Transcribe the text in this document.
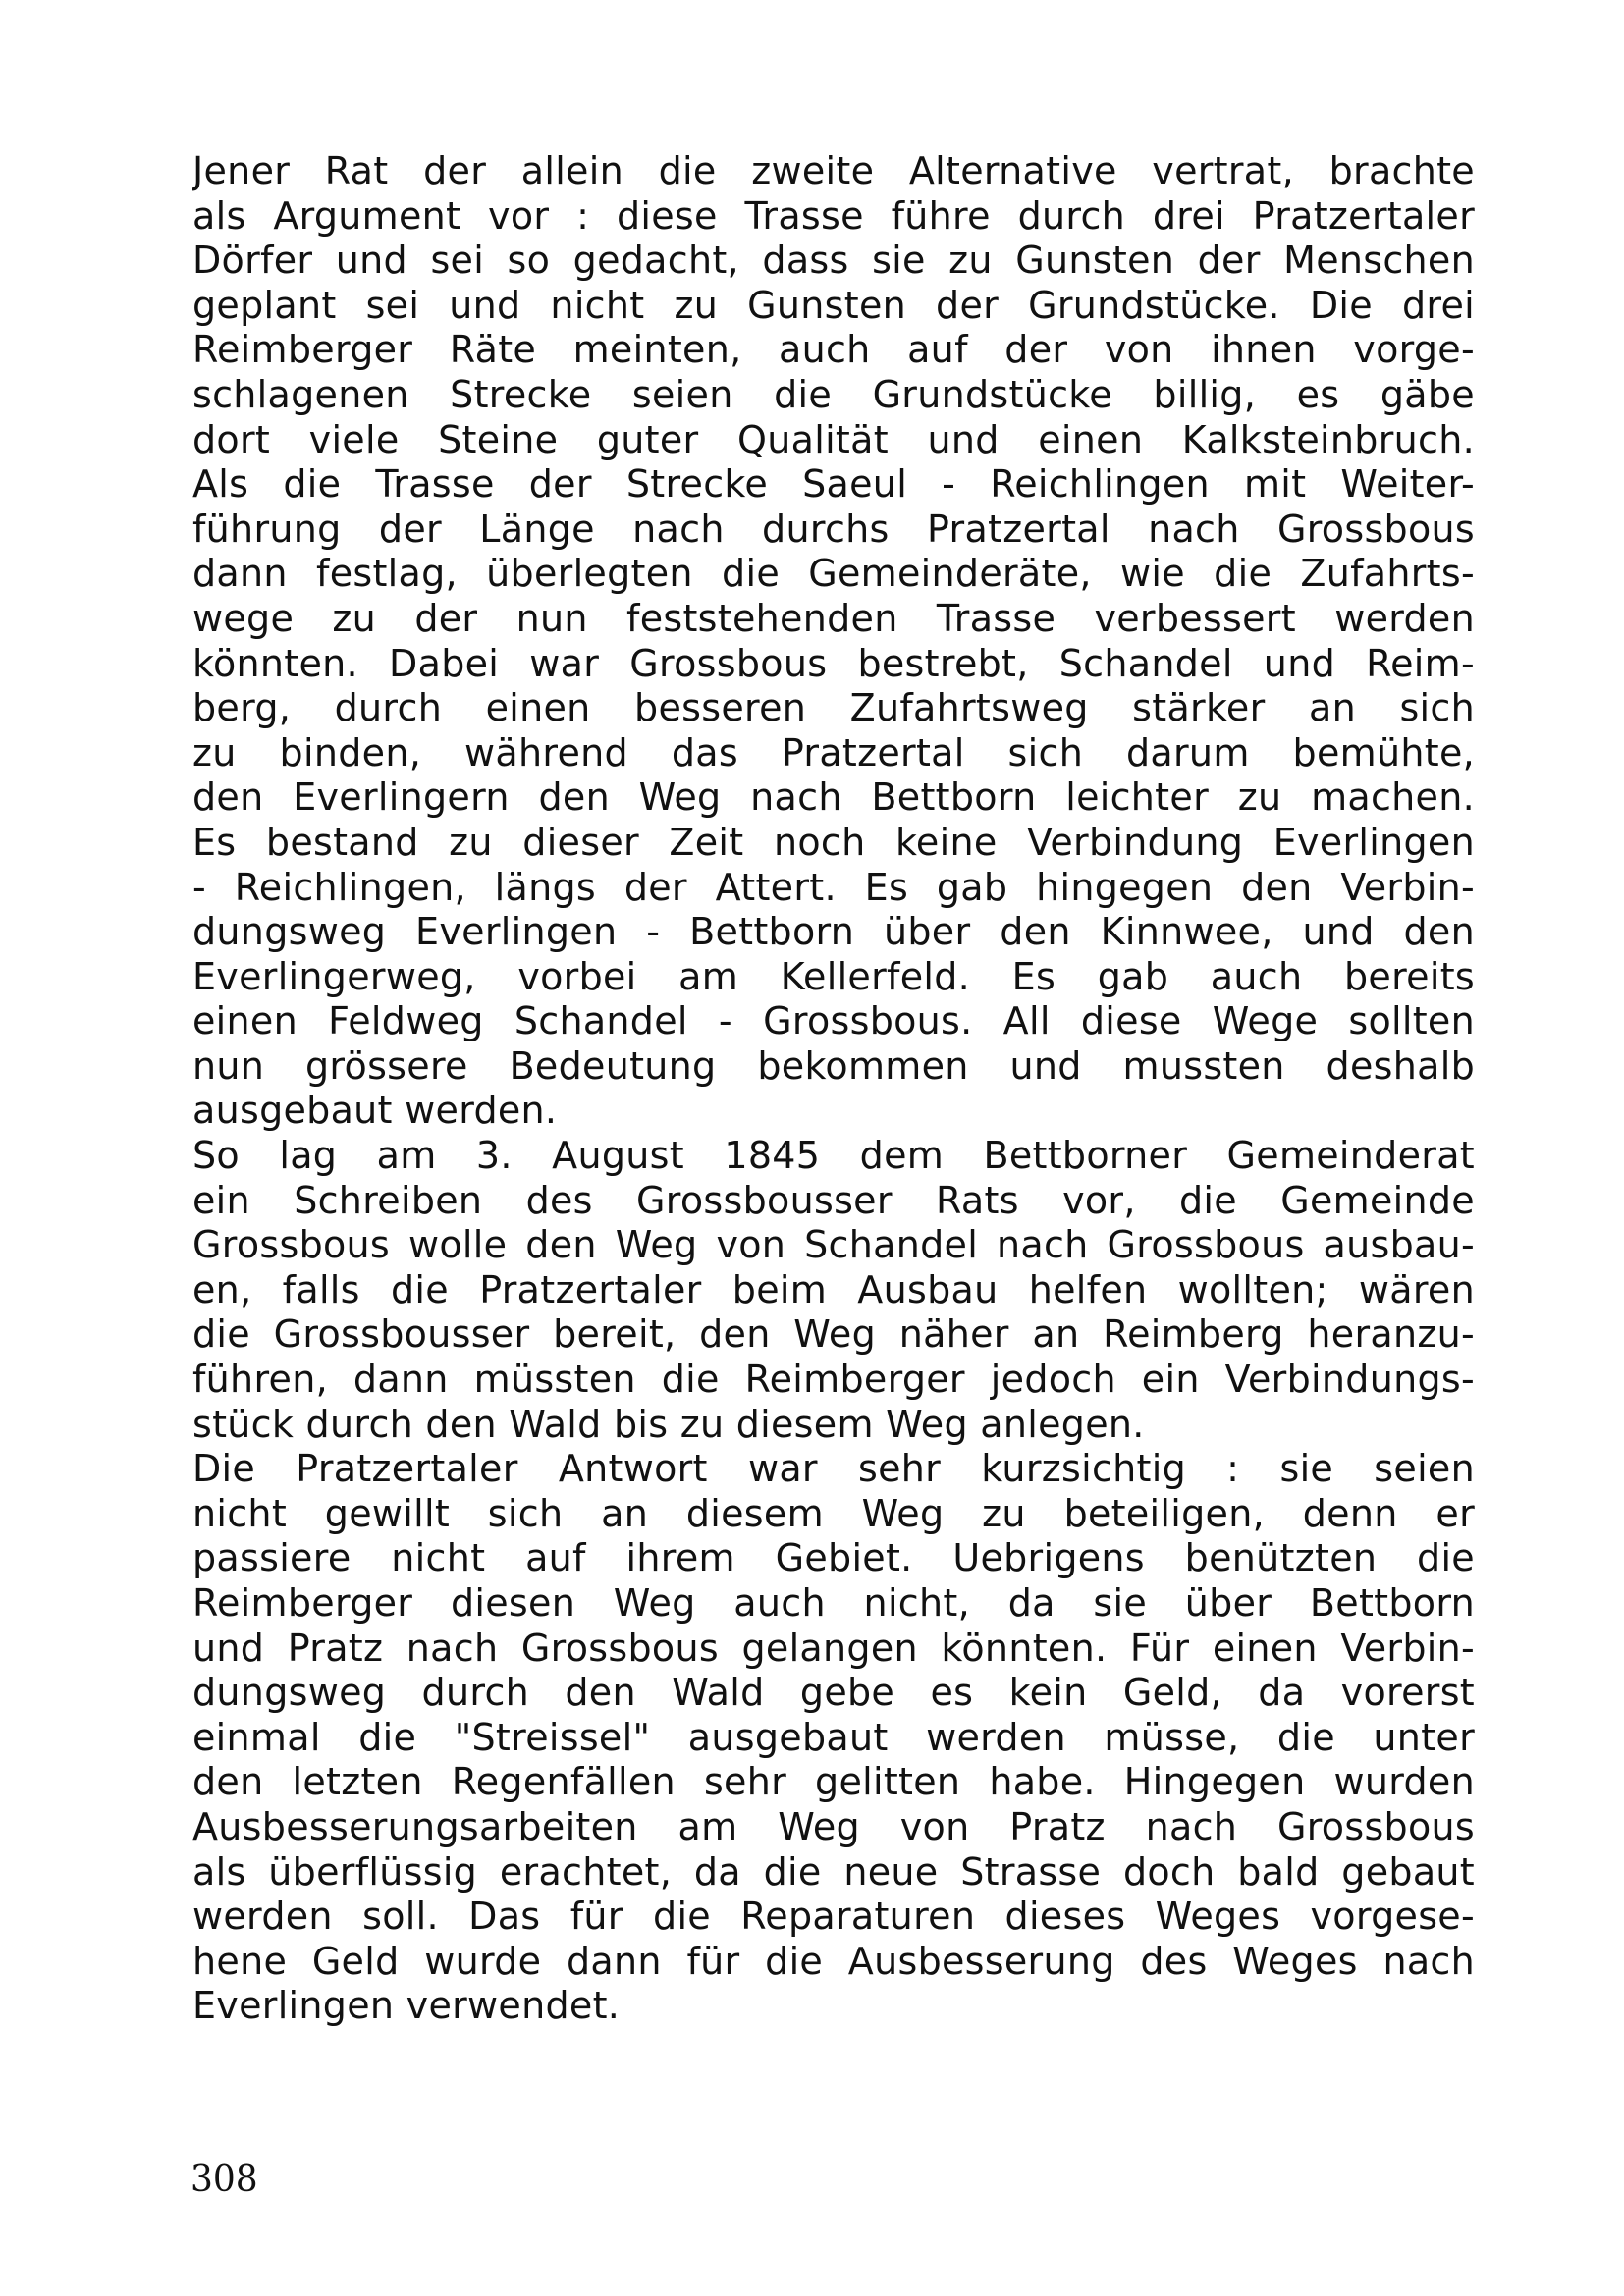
Jener Rat der allein die zweite Alternative vertrat, brachte
als Argument vor : diese Trasse führe durch drei Pratzertaler
Dörfer und sei so gedacht, dass sie zu Gunsten der Menschen
geplant sei und nicht zu Gunsten der Grundstücke. Die drei
Reimberger Räte meinten, auch auf der von ihnen vorge-
schlagenen Strecke seien die Grundstücke billig, es gäbe
dort viele Steine guter Qualität und einen Kalksteinbruch.
Als die Trasse der Strecke Saeul - Reichlingen mit Weiter-
führung der Länge nach durchs Pratzertal nach Grossbous
dann festlag, überlegten die Gemeinderäte, wie die Zufahrts-
wege zu der nun feststehenden Trasse verbessert werden
könnten. Dabei war Grossbous bestrebt, Schandel und Reim-
berg, durch einen besseren Zufahrtsweg stärker an sich
zu binden, während das Pratzertal sich darum bemühte,
den Everlingern den Weg nach Bettborn leichter zu machen.
Es bestand zu dieser Zeit noch keine Verbindung Everlingen
- Reichlingen, längs der Attert. Es gab hingegen den Verbin-
dungsweg Everlingen - Bettborn über den Kinnwee, und den
Everlingerweg, vorbei am Kellerfeld. Es gab auch bereits
einen Feldweg Schandel - Grossbous. All diese Wege sollten
nun grössere Bedeutung bekommen und mussten deshalb
ausgebaut werden.
So lag am 3. August 1845 dem Bettborner Gemeinderat
ein Schreiben des Grossbousser Rats vor, die Gemeinde
Grossbous wolle den Weg von Schandel nach Grossbous ausbau-
en, falls die Pratzertaler beim Ausbau helfen wollten; wären
die Grossbousser bereit, den Weg näher an Reimberg heranzu-
führen, dann müssten die Reimberger jedoch ein Verbindungs-
stück durch den Wald bis zu diesem Weg anlegen.
Die Pratzertaler Antwort war sehr kurzsichtig : sie seien
nicht gewillt sich an diesem Weg zu beteiligen, denn er
passiere nicht auf ihrem Gebiet. Uebrigens benützten die
Reimberger diesen Weg auch nicht, da sie über Bettborn
und Pratz nach Grossbous gelangen könnten. Für einen Verbin-
dungsweg durch den Wald gebe es kein Geld, da vorerst
einmal die "Streissel" ausgebaut werden müsse, die unter
den letzten Regenfällen sehr gelitten habe. Hingegen wurden
Ausbesserungsarbeiten am Weg von Pratz nach Grossbous
als überflüssig erachtet, da die neue Strasse doch bald gebaut
werden soll. Das für die Reparaturen dieses Weges vorgese-
hene Geld wurde dann für die Ausbesserung des Weges nach
Everlingen verwendet.
308
